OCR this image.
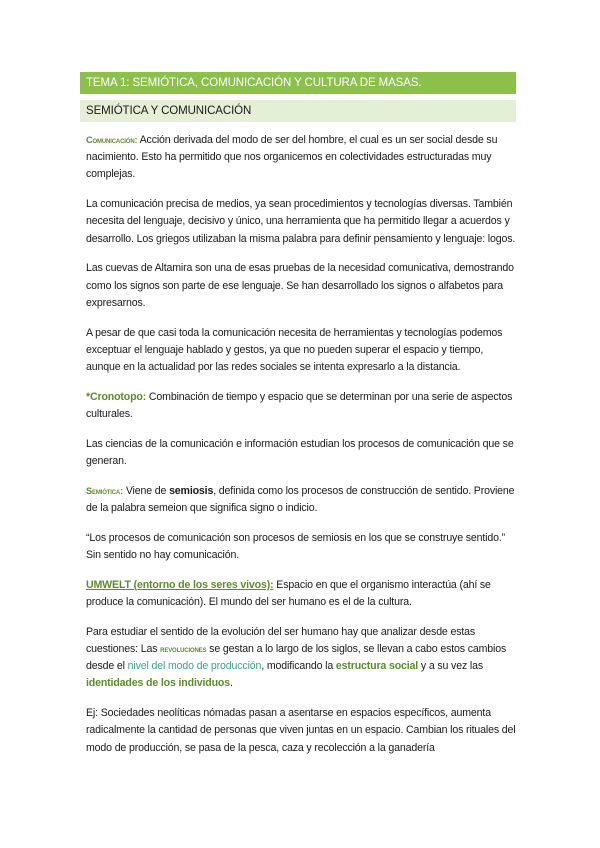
TEMA 1: SEMIÓTICA, COMUNICACIÓN Y CULTURA DE MASAS.
SEMIÓTICA Y COMUNICACIÓN

Comunicación: Acción derivada del modo de ser del hombre, el cual es un ser social desde su nacimiento. Esto ha permitido que nos organicemos en colectividades estructuradas muy complejas.

La comunicación precisa de medios, ya sean procedimientos y tecnologías diversas. También necesita del lenguaje, decisivo y único, una herramienta que ha permitido llegar a acuerdos y desarrollo. Los griegos utilizaban la misma palabra para definir pensamiento y lenguaje: logos.

Las cuevas de Altamira son una de esas pruebas de la necesidad comunicativa, demostrando como los signos son parte de ese lenguaje. Se han desarrollado los signos o alfabetos para expresarnos.

A pesar de que casi toda la comunicación necesita de herramientas y tecnologías podemos exceptuar el lenguaje hablado y gestos, ya que no pueden superar el espacio y tiempo, aunque en la actualidad por las redes sociales se intenta expresarlo a la distancia.

*Cronotopo: Combinación de tiempo y espacio que se determinan por una serie de aspectos culturales.

Las ciencias de la comunicación e información estudian los procesos de comunicación que se generan.

Semiótica: Viene de semiosis, definida como los procesos de construcción de sentido. Proviene de la palabra semeion que significa signo o indicio.

“Los procesos de comunicación son procesos de semiosis en los que se construye sentido.” Sin sentido no hay comunicación.

UMWELT (entorno de los seres vivos): Espacio en que el organismo interactúa (ahí se produce la comunicación). El mundo del ser humano es el de la cultura.

Para estudiar el sentido de la evolución del ser humano hay que analizar desde estas cuestiones: Las revoluciones se gestan a lo largo de los siglos, se llevan a cabo estos cambios desde el nivel del modo de producción, modificando la estructura social y a su vez las identidades de los individuos.

Ej: Sociedades neolíticas nómadas pasan a asentarse en espacios específicos, aumenta radicalmente la cantidad de personas que viven juntas en un espacio. Cambian los rituales del modo de producción, se pasa de la pesca, caza y recolección a la ganadería
